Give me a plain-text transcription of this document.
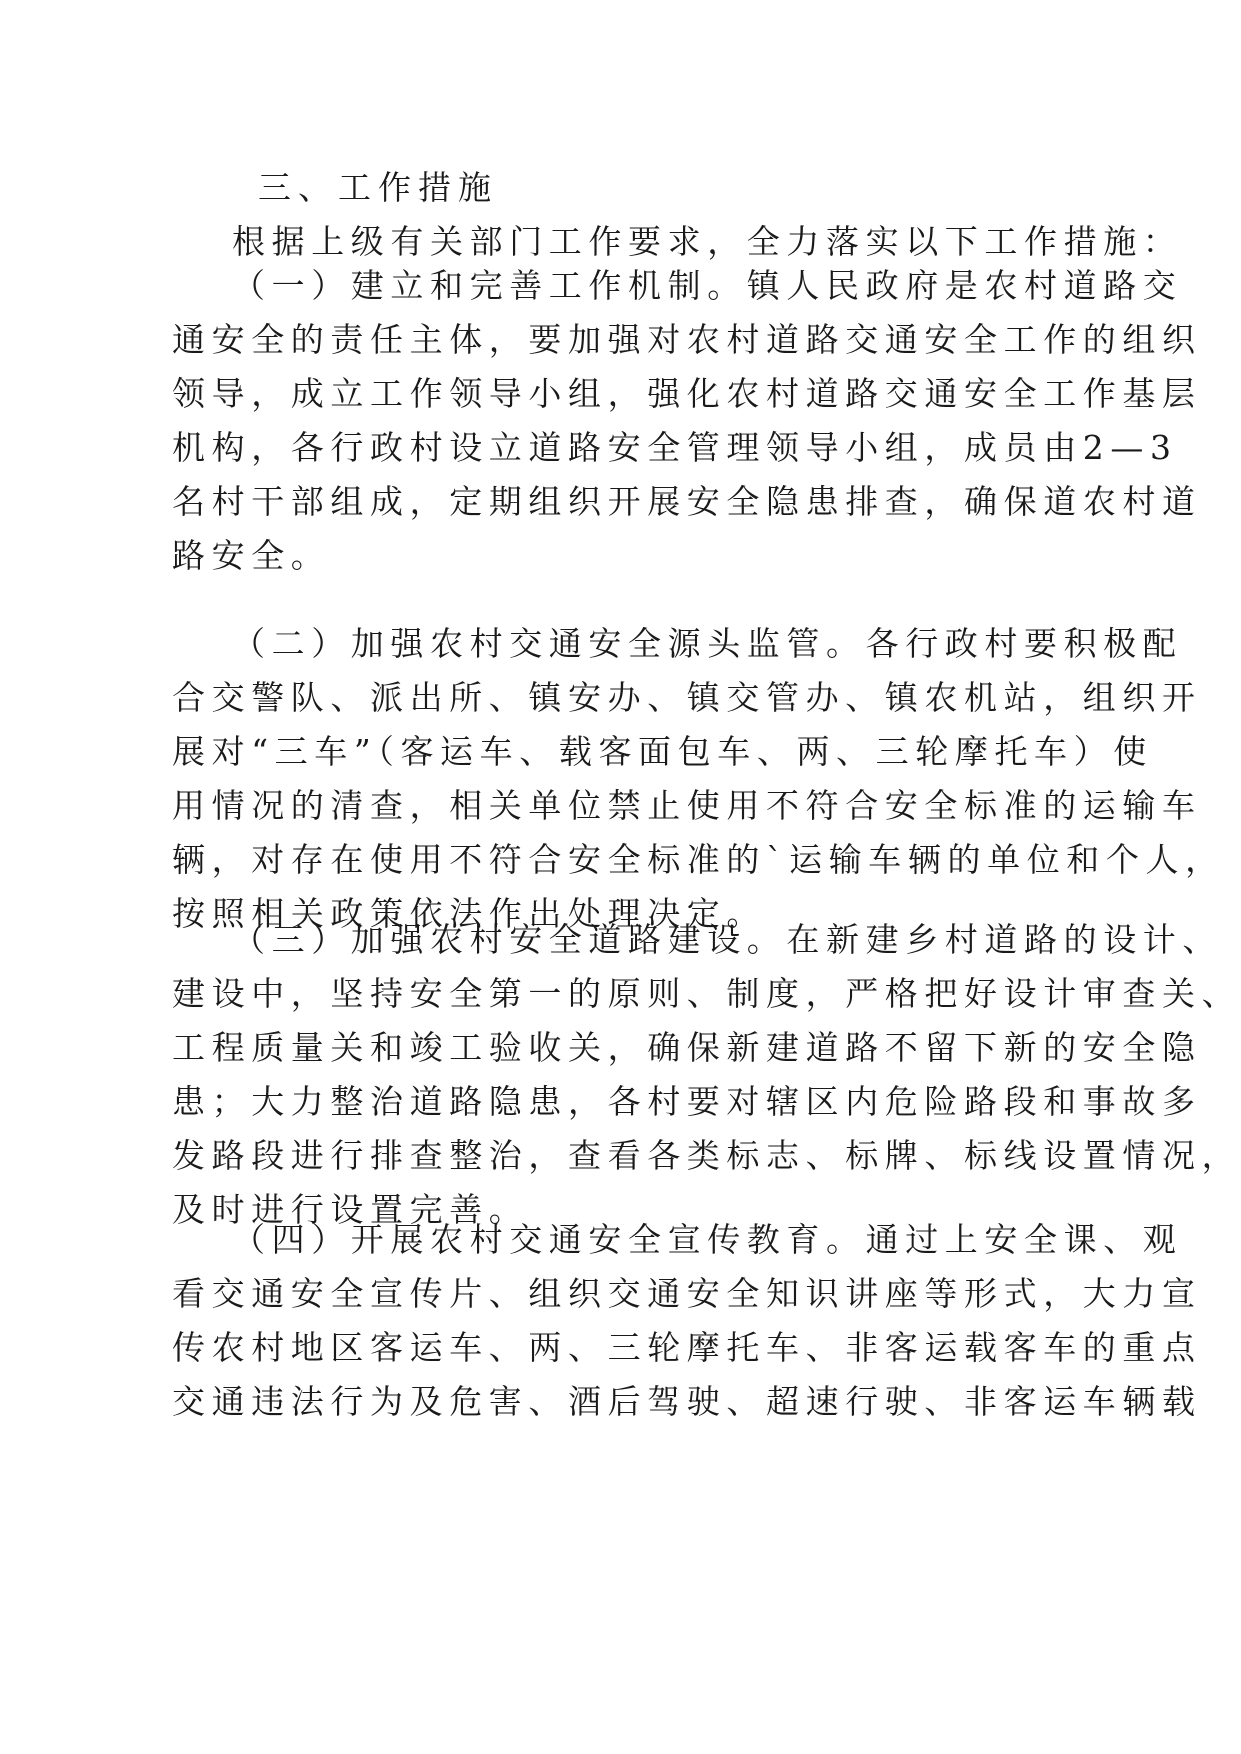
三、工作措施
根据上级有关部门工作要求，全力落实以下工作措施：
（一）建立和完善工作机制。镇人民政府是农村道路交
通安全的责任主体，要加强对农村道路交通安全工作的组织
领导，成立工作领导小组，强化农村道路交通安全工作基层
机构，各行政村设立道路安全管理领导小组，成员由2—3
名村干部组成，定期组织开展安全隐患排查，确保道农村道
路安全。
（二）加强农村交通安全源头监管。各行政村要积极配
合交警队、派出所、镇安办、镇交管办、镇农机站，组织开
展对“三车”（客运车、载客面包车、两、三轮摩托车）使
用情况的清查，相关单位禁止使用不符合安全标准的运输车
辆，对存在使用不符合安全标准的`运输车辆的单位和个人，
按照相关政策依法作出处理决定。
（三）加强农村安全道路建设。在新建乡村道路的设计、
建设中，坚持安全第一的原则、制度，严格把好设计审查关、
工程质量关和竣工验收关，确保新建道路不留下新的安全隐
患；大力整治道路隐患，各村要对辖区内危险路段和事故多
发路段进行排查整治，查看各类标志、标牌、标线设置情况，
及时进行设置完善。
（四）开展农村交通安全宣传教育。通过上安全课、观
看交通安全宣传片、组织交通安全知识讲座等形式，大力宣
传农村地区客运车、两、三轮摩托车、非客运载客车的重点
交通违法行为及危害、酒后驾驶、超速行驶、非客运车辆载
